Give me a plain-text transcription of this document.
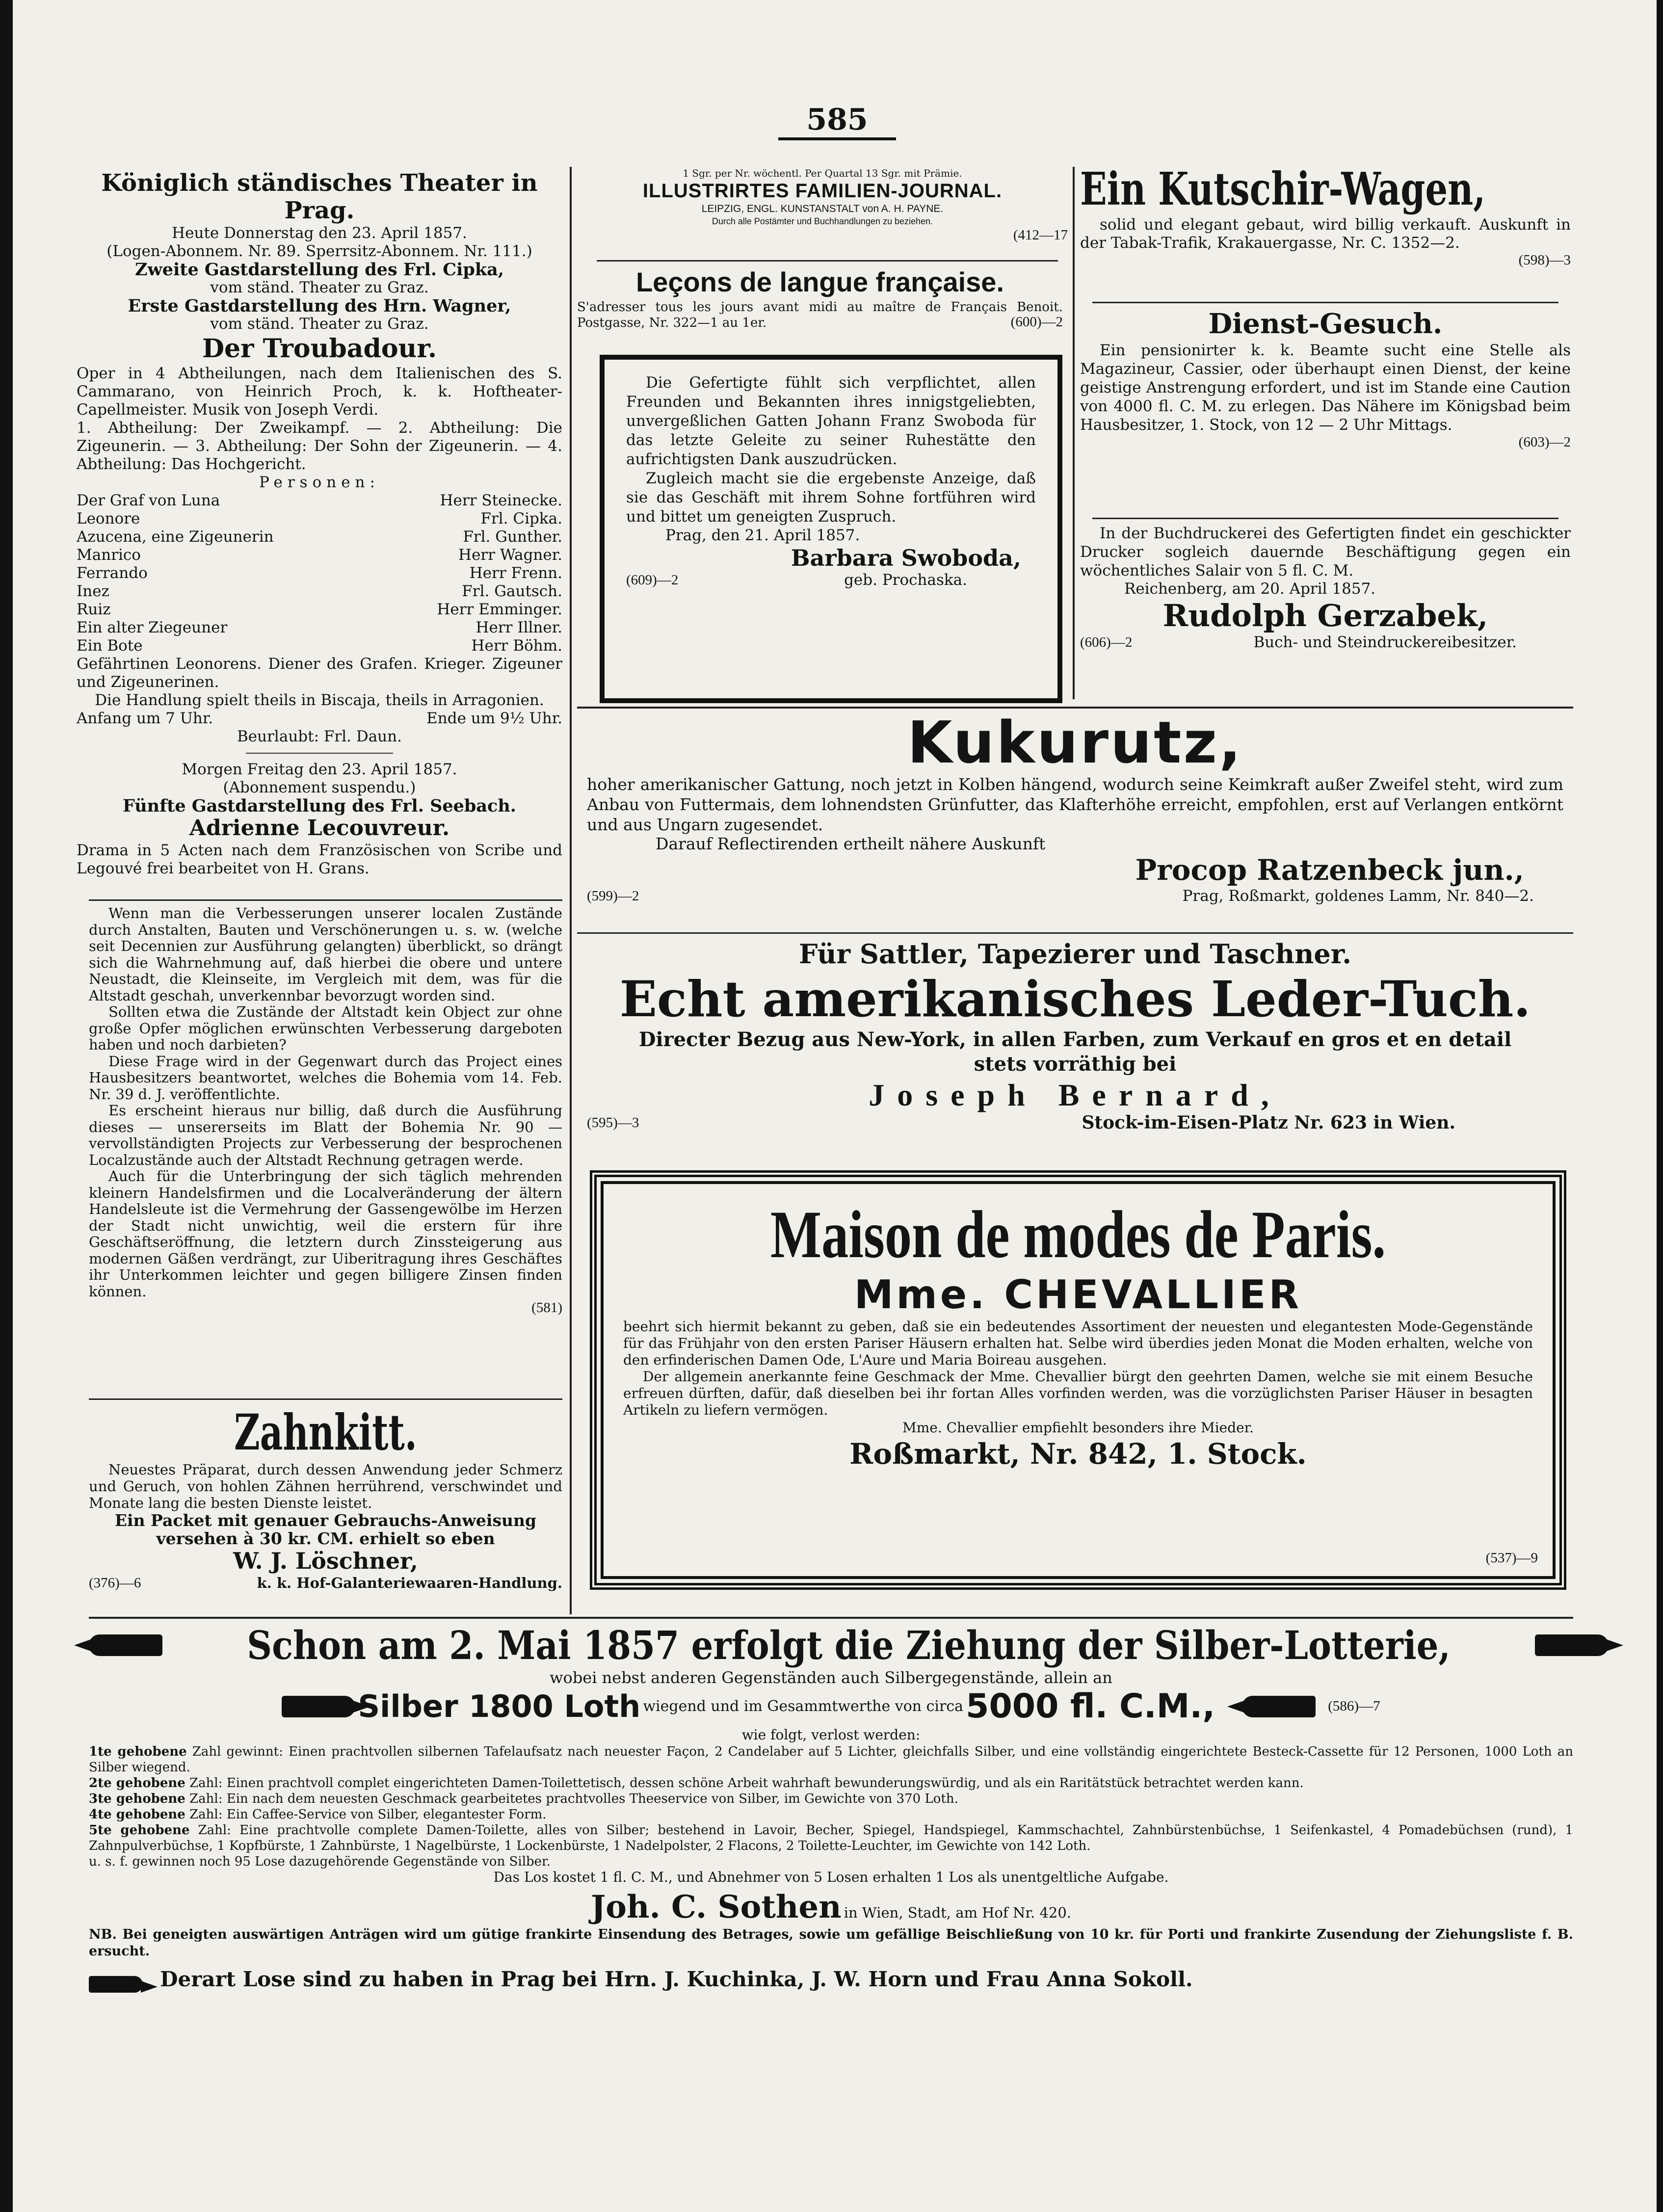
585
Königlich ständisches Theater in Prag.
Heute Donnerstag den 23. April 1857.
(Logen-Abonnem. Nr. 89. Sperrsitz-Abonnem. Nr. 111.)
Zweite Gastdarstellung des Frl. Cipka,
vom ständ. Theater zu Graz.
Erste Gastdarstellung des Hrn. Wagner,
vom ständ. Theater zu Graz.
Der Troubadour.
Oper in 4 Abtheilungen, nach dem Italienischen des S. Cammarano, von Heinrich Proch, k. k. Hoftheater-Capellmeister. Musik von Joseph Verdi.
1. Abtheilung: Der Zweikampf. — 2. Abtheilung: Die Zigeunerin. — 3. Abtheilung: Der Sohn der Zigeunerin. — 4. Abtheilung: Das Hochgericht.
Personen:
Der Graf von Luna	Herr Steinecke.
Leonore	Frl. Cipka.
Azucena, eine Zigeunerin	Frl. Gunther.
Manrico	Herr Wagner.
Ferrando	Herr Frenn.
Inez	Frl. Gautsch.
Ruiz	Herr Emminger.
Ein alter Ziegeuner	Herr Illner.
Ein Bote	Herr Böhm.
Gefährtinen Leonorens. Diener des Grafen. Krieger. Zigeuner und Zigeunerinen.
Die Handlung spielt theils in Biscaja, theils in Arragonien.
Anfang um 7 Uhr.	Ende um 9½ Uhr.
Beurlaubt: Frl. Daun.
Morgen Freitag den 23. April 1857.
(Abonnement suspendu.)
Fünfte Gastdarstellung des Frl. Seebach.
Adrienne Lecouvreur.
Drama in 5 Acten nach dem Französischen von Scribe und Legouvé frei bearbeitet von H. Grans.

Wenn man die Verbesserungen unserer localen Zustände durch Anstalten, Bauten und Verschönerungen u. s. w. (welche seit Decennien zur Ausführung gelangten) überblickt, so drängt sich die Wahrnehmung auf, daß hierbei die obere und untere Neustadt, die Kleinseite, im Vergleich mit dem, was für die Altstadt geschah, unverkennbar bevorzugt worden sind.

Sollten etwa die Zustände der Altstadt kein Object zur ohne große Opfer möglichen erwünschten Verbesserung dargeboten haben und noch darbieten?

Diese Frage wird in der Gegenwart durch das Project eines Hausbesitzers beantwortet, welches die Bohemia vom 14. Feb. Nr. 39 d. J. veröffentlichte.

Es erscheint hieraus nur billig, daß durch die Ausführung dieses — unsererseits im Blatt der Bohemia Nr. 90 — vervollständigten Projects zur Verbesserung der besprochenen Localzustände auch der Altstadt Rechnung getragen werde.

Auch für die Unterbringung der sich täglich mehrenden kleinern Handelsfirmen und die Localveränderung der ältern Handelsleute ist die Vermehrung der Gassengewölbe im Herzen der Stadt nicht unwichtig, weil die erstern für ihre Geschäftseröffnung, die letztern durch Zinssteigerung aus modernen Gäßen verdrängt, zur Uiberitragung ihres Geschäftes ihr Unterkommen leichter und gegen billigere Zinsen finden können.

(581)
Zahnkitt.

Neuestes Präparat, durch dessen Anwendung jeder Schmerz und Geruch, von hohlen Zähnen herrührend, verschwindet und Monate lang die besten Dienste leistet.

Ein Packet mit genauer Gebrauchs-Anweisung
versehen à 30 kr. CM. erhielt so eben
W. J. Löschner,
(376)—6	k. k. Hof-Galanteriewaaren-Handlung.
1 Sgr. per Nr. wöchentl. Per Quartal 13 Sgr. mit Prämie.
ILLUSTRIRTES FAMILIEN-JOURNAL.
LEIPZIG, ENGL. KUNSTANSTALT von A. H. PAYNE.
Durch alle Postämter und Buchhandlungen zu beziehen.
(412—17
Leçons de langue française.
S'adresser tous les jours avant midi au maître de Français Benoit. Postgasse, Nr. 322—1 au 1er.	(600)—2

Die Gefertigte fühlt sich verpflichtet, allen Freunden und Bekannten ihres innigstgeliebten, unvergeßlichen Gatten Johann Franz Swoboda für das letzte Geleite zu seiner Ruhestätte den aufrichtigsten Dank auszudrücken.

Zugleich macht sie die ergebenste Anzeige, daß sie das Geschäft mit ihrem Sohne fortführen wird und bittet um geneigten Zuspruch.

Prag, den 21. April 1857.
Barbara Swoboda,
(609)—2	geb. Prochaska.
Ein Kutschir-Wagen,

solid und elegant gebaut, wird billig verkauft. Auskunft in der Tabak-Trafik, Krakauergasse, Nr. C. 1352—2.

(598)—3
Dienst-Gesuch.

Ein pensionirter k. k. Beamte sucht eine Stelle als Magazineur, Cassier, oder überhaupt einen Dienst, der keine geistige Anstrengung erfordert, und ist im Stande eine Caution von 4000 fl. C. M. zu erlegen. Das Nähere im Königsbad beim Hausbesitzer, 1. Stock, von 12 — 2 Uhr Mittags.

(603)—2

In der Buchdruckerei des Gefertigten findet ein geschickter Drucker sogleich dauernde Beschäftigung gegen ein wöchentliches Salair von 5 fl. C. M.

Reichenberg, am 20. April 1857.
Rudolph Gerzabek,
(606)—2	Buch- und Steindruckereibesitzer.
Kukurutz,

hoher amerikanischer Gattung, noch jetzt in Kolben hängend, wodurch seine Keimkraft außer Zweifel steht, wird zum Anbau von Futtermais, dem lohnendsten Grünfutter, das Klafterhöhe erreicht, empfohlen, erst auf Verlangen entkörnt und aus Ungarn zugesendet.

Darauf Reflectirenden ertheilt nähere Auskunft
Procop Ratzenbeck jun.,
(599)—2	Prag, Roßmarkt, goldenes Lamm, Nr. 840—2.
Für Sattler, Tapezierer und Taschner.
Echt amerikanisches Leder-Tuch.
Directer Bezug aus New-York, in allen Farben, zum Verkauf en gros et en detail
stets vorräthig bei
Joseph Bernard,
(595)—3	Stock-im-Eisen-Platz Nr. 623 in Wien.
Maison de modes de Paris.
Mme. CHEVALLIER

beehrt sich hiermit bekannt zu geben, daß sie ein bedeutendes Assortiment der neuesten und elegantesten Mode-Gegenstände für das Frühjahr von den ersten Pariser Häusern erhalten hat. Selbe wird überdies jeden Monat die Moden erhalten, welche von den erfinderischen Damen Ode, L'Aure und Maria Boireau ausgehen.

Der allgemein anerkannte feine Geschmack der Mme. Chevallier bürgt den geehrten Damen, welche sie mit einem Besuche erfreuen dürften, dafür, daß dieselben bei ihr fortan Alles vorfinden werden, was die vorzüglichsten Pariser Häuser in besagten Artikeln zu liefern vermögen.

Mme. Chevallier empfiehlt besonders ihre Mieder.
Roßmarkt, Nr. 842, 1. Stock.
(537)—9
Schon am 2. Mai 1857 erfolgt die Ziehung der Silber-Lotterie,
wobei nebst anderen Gegenständen auch Silbergegenstände, allein an
Silber 1800 Loth wiegend und im Gesammtwerthe von circa 5000 fl. C.M.,	(586)—7
wie folgt, verlost werden:
1te gehobene Zahl gewinnt: Einen prachtvollen silbernen Tafelaufsatz nach neuester Façon, 2 Candelaber auf 5 Lichter, gleichfalls Silber, und eine vollständig eingerichtete Besteck-Cassette für 12 Personen, 1000 Loth an Silber wiegend.
2te gehobene Zahl: Einen prachtvoll complet eingerichteten Damen-Toilettetisch, dessen schöne Arbeit wahrhaft bewunderungswürdig, und als ein Raritätstück betrachtet werden kann.
3te gehobene Zahl: Ein nach dem neuesten Geschmack gearbeitetes prachtvolles Theeservice von Silber, im Gewichte von 370 Loth.
4te gehobene Zahl: Ein Caffee-Service von Silber, elegantester Form.
5te gehobene Zahl: Eine prachtvolle complete Damen-Toilette, alles von Silber; bestehend in Lavoir, Becher, Spiegel, Handspiegel, Kammschachtel, Zahnbürstenbüchse, 1 Seifenkastel, 4 Pomadebüchsen (rund), 1 Zahnpulverbüchse, 1 Kopfbürste, 1 Zahnbürste, 1 Nagelbürste, 1 Lockenbürste, 1 Nadelpolster, 2 Flacons, 2 Toilette-Leuchter, im Gewichte von 142 Loth.
u. s. f. gewinnen noch 95 Lose dazugehörende Gegenstände von Silber.
Das Los kostet 1 fl. C. M., und Abnehmer von 5 Losen erhalten 1 Los als unentgeltliche Aufgabe.
Joh. C. Sothen in Wien, Stadt, am Hof Nr. 420.
NB. Bei geneigten auswärtigen Anträgen wird um gütige frankirte Einsendung des Betrages, sowie um gefällige Beischließung von 10 kr. für Porti und frankirte Zusendung der Ziehungsliste f. B. ersucht.
Derart Lose sind zu haben in Prag bei Hrn. J. Kuchinka, J. W. Horn und Frau Anna Sokoll.
